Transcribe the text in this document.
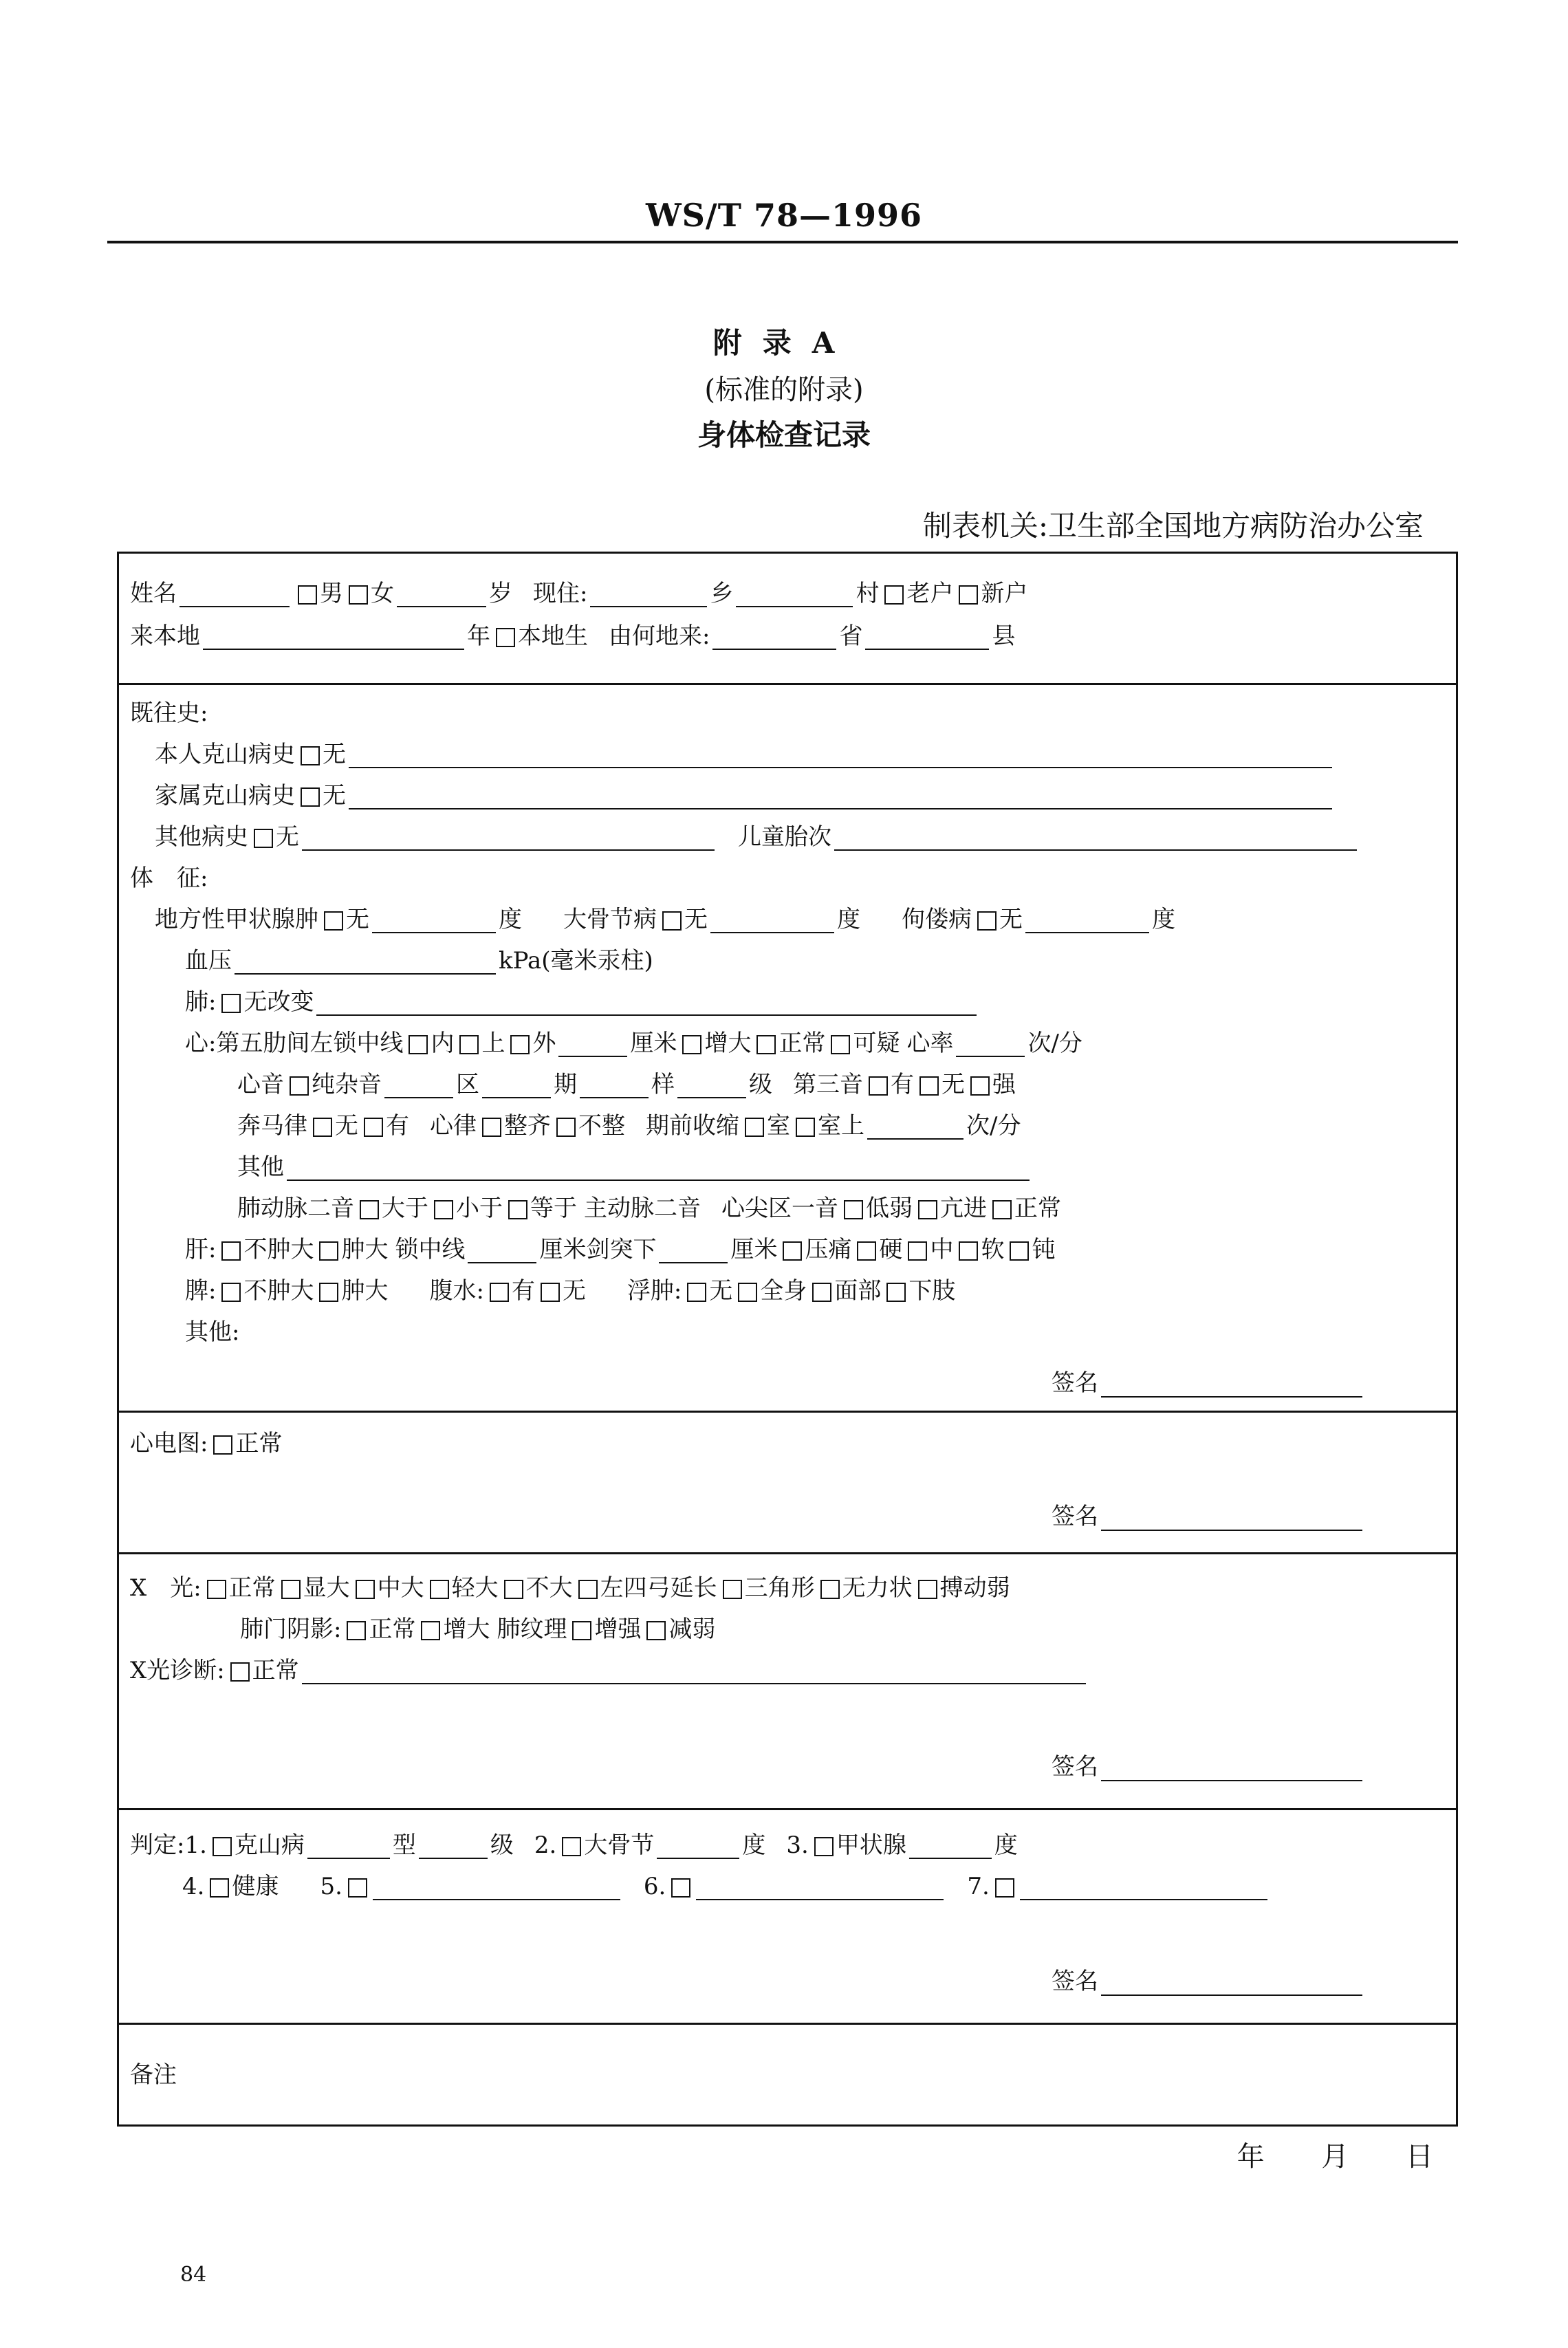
WS/T 78—1996
附录A
(标准的附录)
身体检查记录
制表机关:卫生部全国地方病防治办公室
姓名	男 女	岁 现住:	乡	村 老户 新户
来本地	年 本地生 由何地来:	省	县
既往史:
本人克山病史 无
家属克山病史 无
其他病史 无	儿童胎次
体　征:
地方性甲状腺肿 无	度 大骨节病 无	度 佝偻病 无	度
血压	kPa(毫米汞柱)
肺: 无改变
心:第五肋间左锁中线 内 上 外	厘米 增大 正常 可疑 心率	次/分
心音 纯杂音	区	期	样	级 第三音 有 无 强
奔马律 无 有 心律 整齐 不整 期前收缩 室 室上	次/分
其他
肺动脉二音 大于 小于 等于 主动脉二音 心尖区一音 低弱 亢进 正常
肝: 不肿大 肿大 锁中线	厘米剑突下	厘米 压痛 硬 中 软 钝
脾: 不肿大 肿大 腹水: 有 无 浮肿: 无 全身 面部 下肢
其他:
签名
心电图: 正常
签名
X　光: 正常 显大 中大 轻大 不大 左四弓延长 三角形 无力状 搏动弱
肺门阴影: 正常 增大 肺纹理 增强 减弱
X光诊断: 正常
签名
判定: 1. 克山病	型	级 2. 大骨节	度 3. 甲状腺	度
4. 健康 5.	6.	7.
签名
备注
年 月 日
84
